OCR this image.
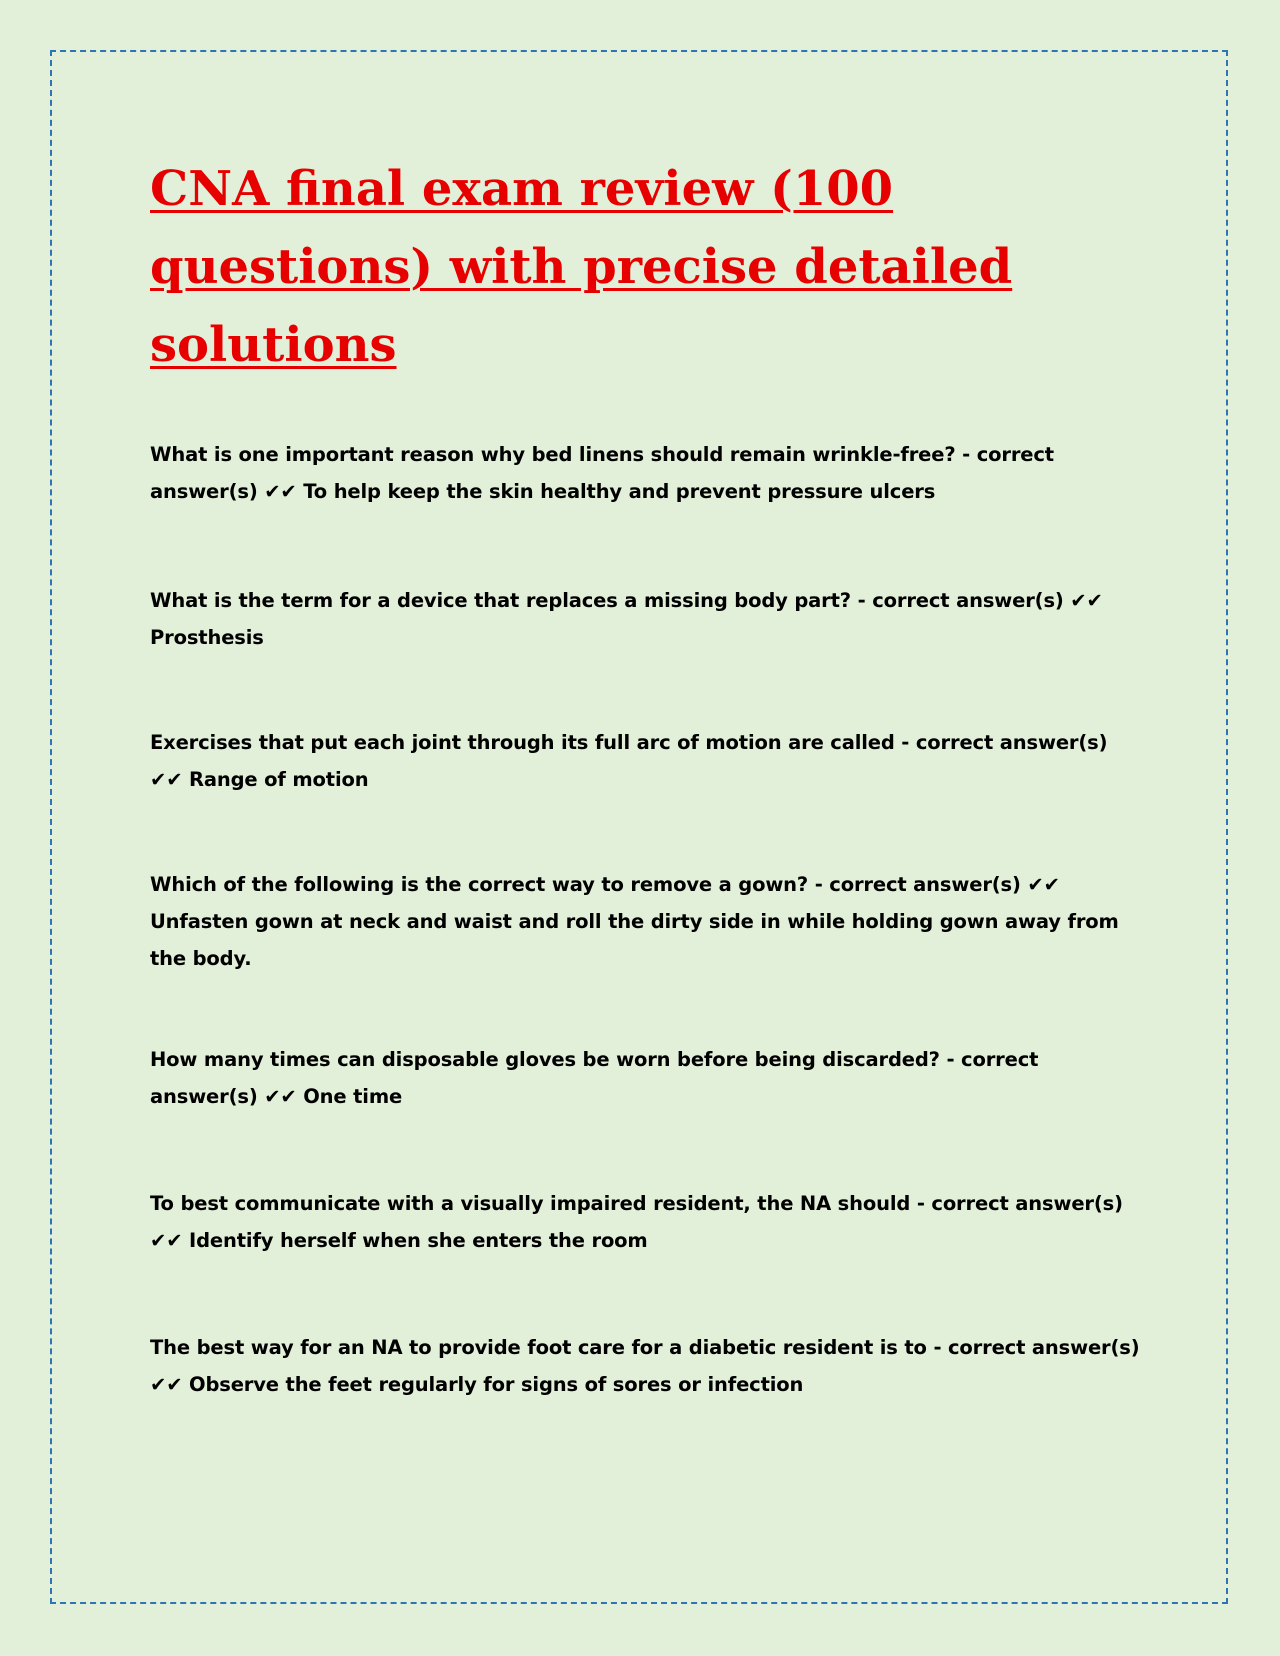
CNA final exam review (100 questions) with precise detailed solutions

What is one important reason why bed linens should remain wrinkle-free? - correct answer(s) ✔✔ To help keep the skin healthy and prevent pressure ulcers

What is the term for a device that replaces a missing body part? - correct answer(s) ✔✔ Prosthesis

Exercises that put each joint through its full arc of motion are called - correct answer(s) ✔✔ Range of motion

Which of the following is the correct way to remove a gown? - correct answer(s) ✔✔ Unfasten gown at neck and waist and roll the dirty side in while holding gown away from the body.

How many times can disposable gloves be worn before being discarded? - correct answer(s) ✔✔ One time

To best communicate with a visually impaired resident, the NA should - correct answer(s) ✔✔ Identify herself when she enters the room

The best way for an NA to provide foot care for a diabetic resident is to - correct answer(s) ✔✔ Observe the feet regularly for signs of sores or infection
